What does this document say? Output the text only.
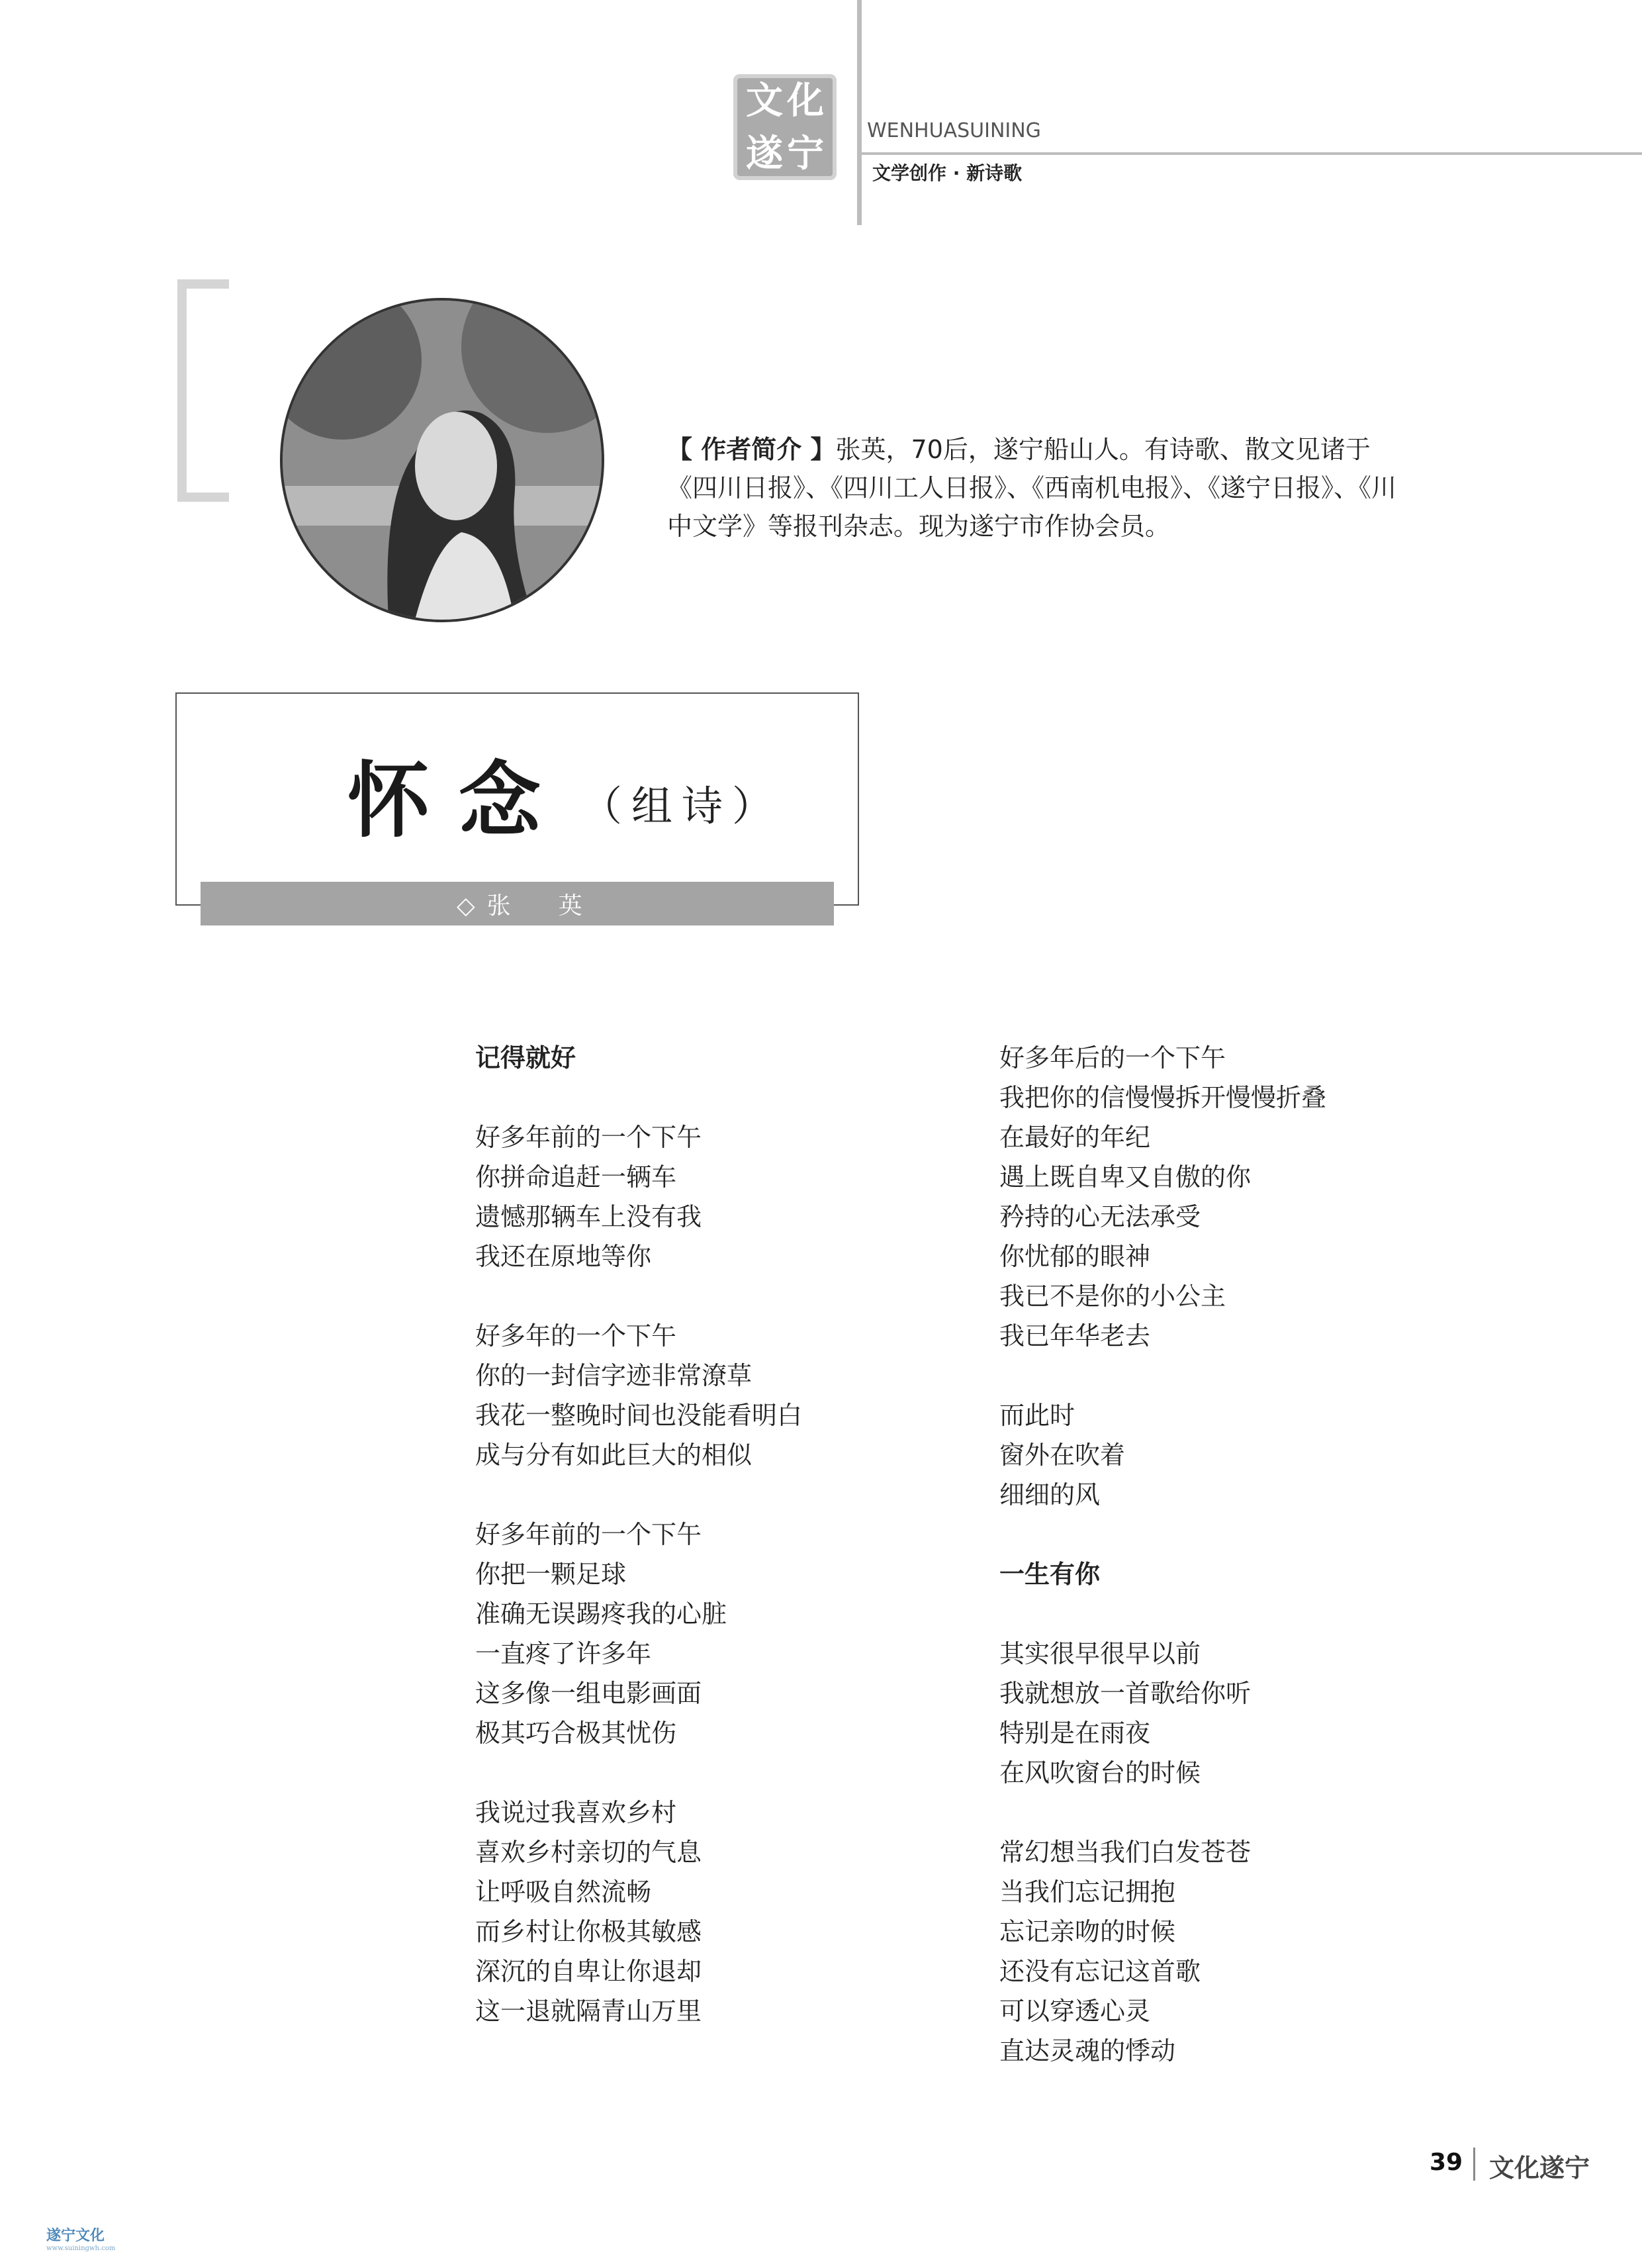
文 化
遂 宁
WENHUASUINING
文学创作 · 新诗歌
【 作者简介 】张英，70后，遂宁船山人。有诗歌、散文见诸于《四川日报》、《四川工人日报》、《西南机电报》、《遂宁日报》、《川中文学》等报刊杂志。现为遂宁市作协会员。
怀念 （组诗）
◇张　英
记得就好
好多年前的一个下午
你拼命追赶一辆车
遗憾那辆车上没有我
我还在原地等你
好多年的一个下午
你的一封信字迹非常潦草
我花一整晚时间也没能看明白
成与分有如此巨大的相似
好多年前的一个下午
你把一颗足球
准确无误踢疼我的心脏
一直疼了许多年
这多像一组电影画面
极其巧合极其忧伤
我说过我喜欢乡村
喜欢乡村亲切的气息
让呼吸自然流畅
而乡村让你极其敏感
深沉的自卑让你退却
这一退就隔青山万里
好多年后的一个下午
我把你的信慢慢拆开慢慢折叠
在最好的年纪
遇上既自卑又自傲的你
矜持的心无法承受
你忧郁的眼神
我已不是你的小公主
我已年华老去
而此时
窗外在吹着
细细的风
一生有你
其实很早很早以前
我就想放一首歌给你听
特别是在雨夜
在风吹窗台的时候
常幻想当我们白发苍苍
当我们忘记拥抱
忘记亲吻的时候
还没有忘记这首歌
可以穿透心灵
直达灵魂的悸动
39 文化遂宁
遂宁文化
www.suiningwh.com
